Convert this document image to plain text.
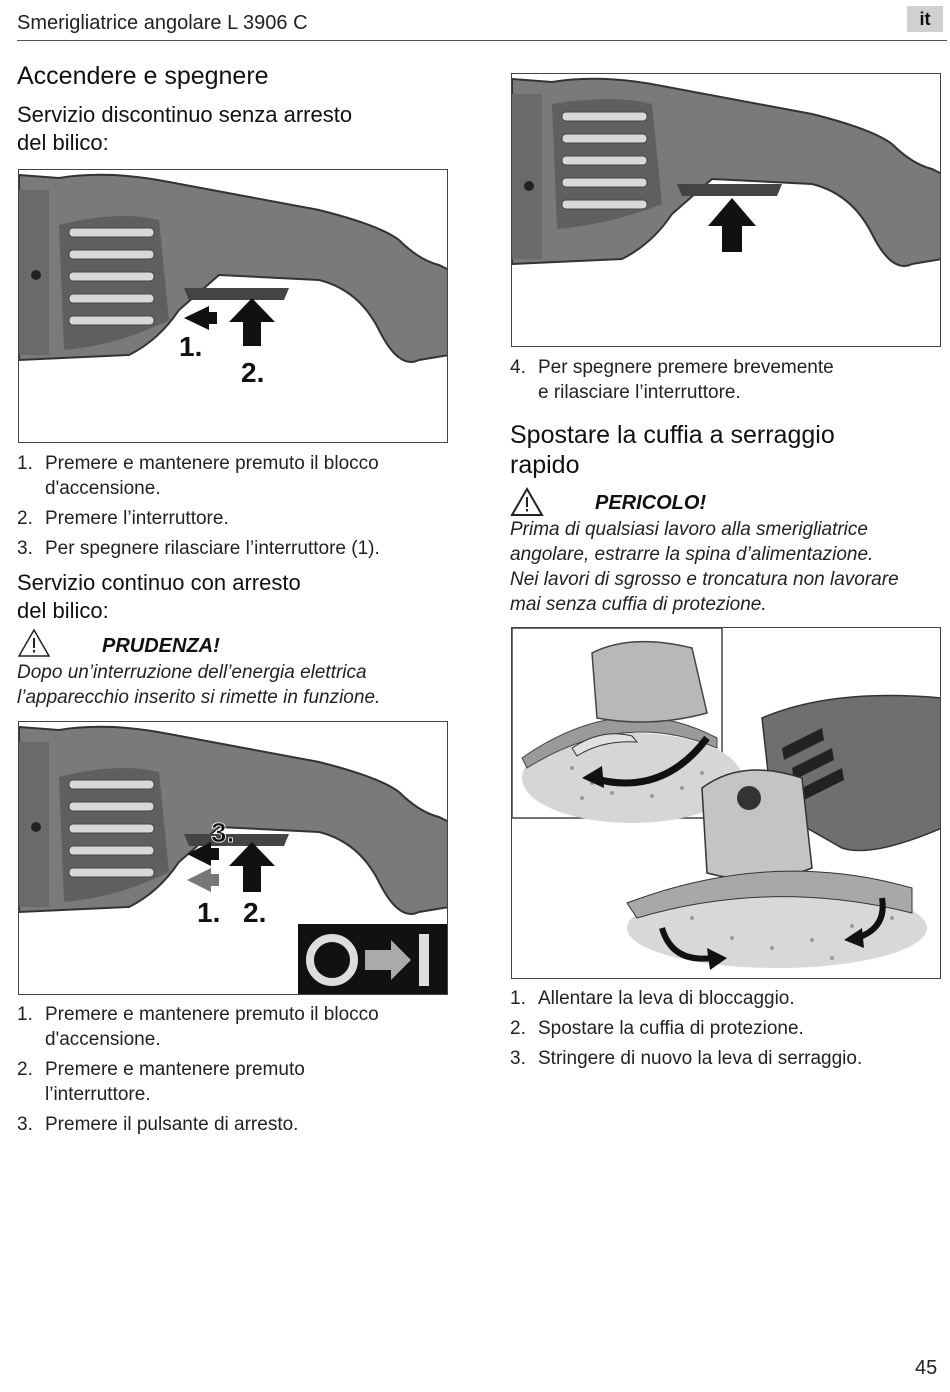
Smerigliatrice angolare L 3906 C	it
Accendere e spegnere
Servizio discontinuo senza arresto
del bilico:
1.
2.
1. Premere e mantenere premuto il blocco
d'accensione.
2. Premere l’interruttore.
3. Per spegnere rilasciare l’interruttore (1).
Servizio continuo con arresto
del bilico:
PRUDENZA!
Dopo un’interruzione dell’energia elettrica
l’apparecchio inserito si rimette in funzione.
3.
1. 2.
1. Premere e mantenere premuto il blocco
d'accensione.
2. Premere e mantenere premuto
l’interruttore.
3. Premere il pulsante di arresto.
4. Per spegnere premere brevemente
e rilasciare l’interruttore.
Spostare la cuffia a serraggio
rapido
PERICOLO!
Prima di qualsiasi lavoro alla smerigliatrice
angolare, estrarre la spina d’alimentazione.
Nei lavori di sgrosso e troncatura non lavorare
mai senza cuffia di protezione.
1. Allentare la leva di bloccaggio.
2. Spostare la cuffia di protezione.
3. Stringere di nuovo la leva di serraggio.
45
